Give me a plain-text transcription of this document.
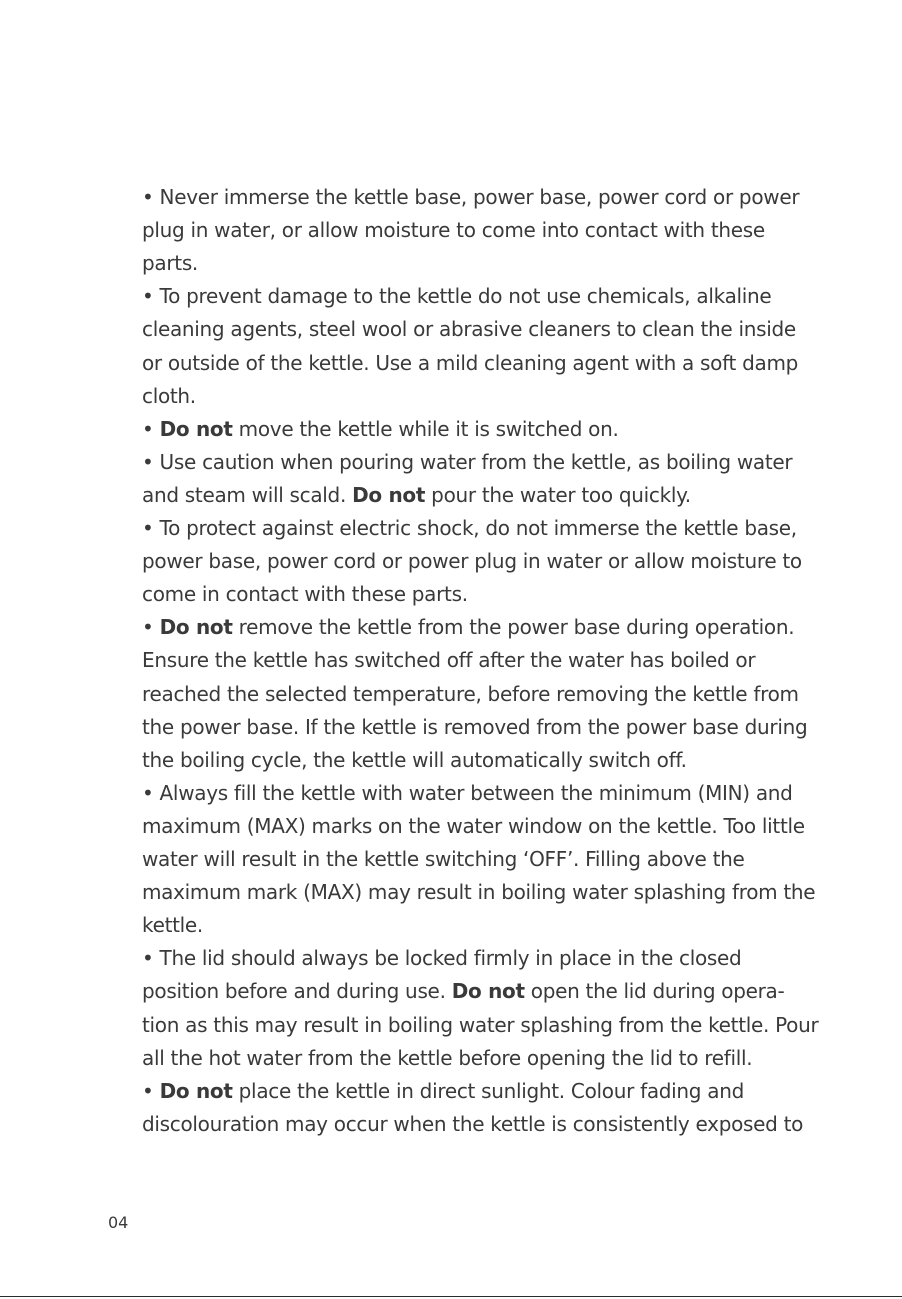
• Never immerse the kettle base, power base, power cord or power
plug in water, or allow moisture to come into contact with these
parts.
• To prevent damage to the kettle do not use chemicals, alkaline
cleaning agents, steel wool or abrasive cleaners to clean the inside
or outside of the kettle. Use a mild cleaning agent with a soft damp
cloth.
• Do not move the kettle while it is switched on.
• Use caution when pouring water from the kettle, as boiling water
and steam will scald. Do not pour the water too quickly.
• To protect against electric shock, do not immerse the kettle base,
power base, power cord or power plug in water or allow moisture to
come in contact with these parts.
• Do not remove the kettle from the power base during operation.
Ensure the kettle has switched off after the water has boiled or
reached the selected temperature, before removing the kettle from
the power base. If the kettle is removed from the power base during
the boiling cycle, the kettle will automatically switch off.
• Always fill the kettle with water between the minimum (MIN) and
maximum (MAX) marks on the water window on the kettle. Too little
water will result in the kettle switching ‘OFF’. Filling above the
maximum mark (MAX) may result in boiling water splashing from the
kettle.
• The lid should always be locked firmly in place in the closed
position before and during use. Do not open the lid during opera-
tion as this may result in boiling water splashing from the kettle. Pour
all the hot water from the kettle before opening the lid to refill.
• Do not place the kettle in direct sunlight. Colour fading and
discolouration may occur when the kettle is consistently exposed to
04
